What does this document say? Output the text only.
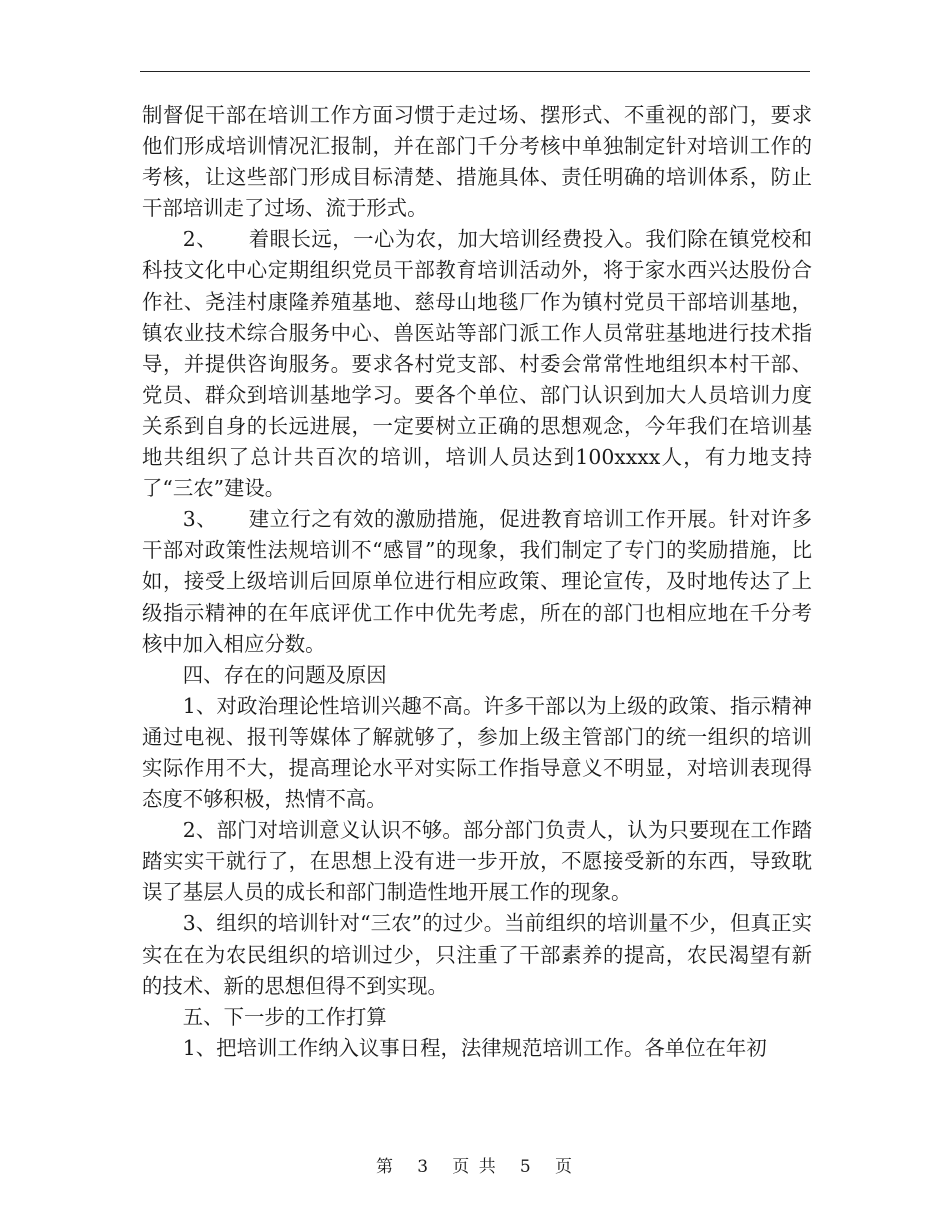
制督促干部在培训工作方面习惯于走过场、摆形式、不重视的部门，要求他们形成培训情况汇报制，并在部门千分考核中单独制定针对培训工作的考核，让这些部门形成目标清楚、措施具体、责任明确的培训体系，防止干部培训走了过场、流于形式。

2、　　着眼长远，一心为农，加大培训经费投入。我们除在镇党校和科技文化中心定期组织党员干部教育培训活动外，将于家水西兴达股份合作社、尧洼村康隆养殖基地、慈母山地毯厂作为镇村党员干部培训基地，镇农业技术综合服务中心、兽医站等部门派工作人员常驻基地进行技术指导，并提供咨询服务。要求各村党支部、村委会常常性地组织本村干部、党员、群众到培训基地学习。要各个单位、部门认识到加大人员培训力度关系到自身的长远进展，一定要树立正确的思想观念，今年我们在培训基地共组织了总计共百次的培训，培训人员达到100xxxx人，有力地支持了“三农”建设。

3、　　建立行之有效的激励措施，促进教育培训工作开展。针对许多干部对政策性法规培训不“感冒”的现象，我们制定了专门的奖励措施，比如，接受上级培训后回原单位进行相应政策、理论宣传，及时地传达了上级指示精神的在年底评优工作中优先考虑，所在的部门也相应地在千分考核中加入相应分数。

四、存在的问题及原因

1、对政治理论性培训兴趣不高。许多干部以为上级的政策、指示精神通过电视、报刊等媒体了解就够了，参加上级主管部门的统一组织的培训实际作用不大，提高理论水平对实际工作指导意义不明显，对培训表现得态度不够积极，热情不高。

2、部门对培训意义认识不够。部分部门负责人，认为只要现在工作踏踏实实干就行了，在思想上没有进一步开放，不愿接受新的东西，导致耽误了基层人员的成长和部门制造性地开展工作的现象。

3、组织的培训针对“三农”的过少。当前组织的培训量不少，但真正实实在在为农民组织的培训过少，只注重了干部素养的提高，农民渴望有新的技术、新的思想但得不到实现。

五、下一步的工作打算

1、把培训工作纳入议事日程，法律规范培训工作。各单位在年初

第 3 页 共 5 页
